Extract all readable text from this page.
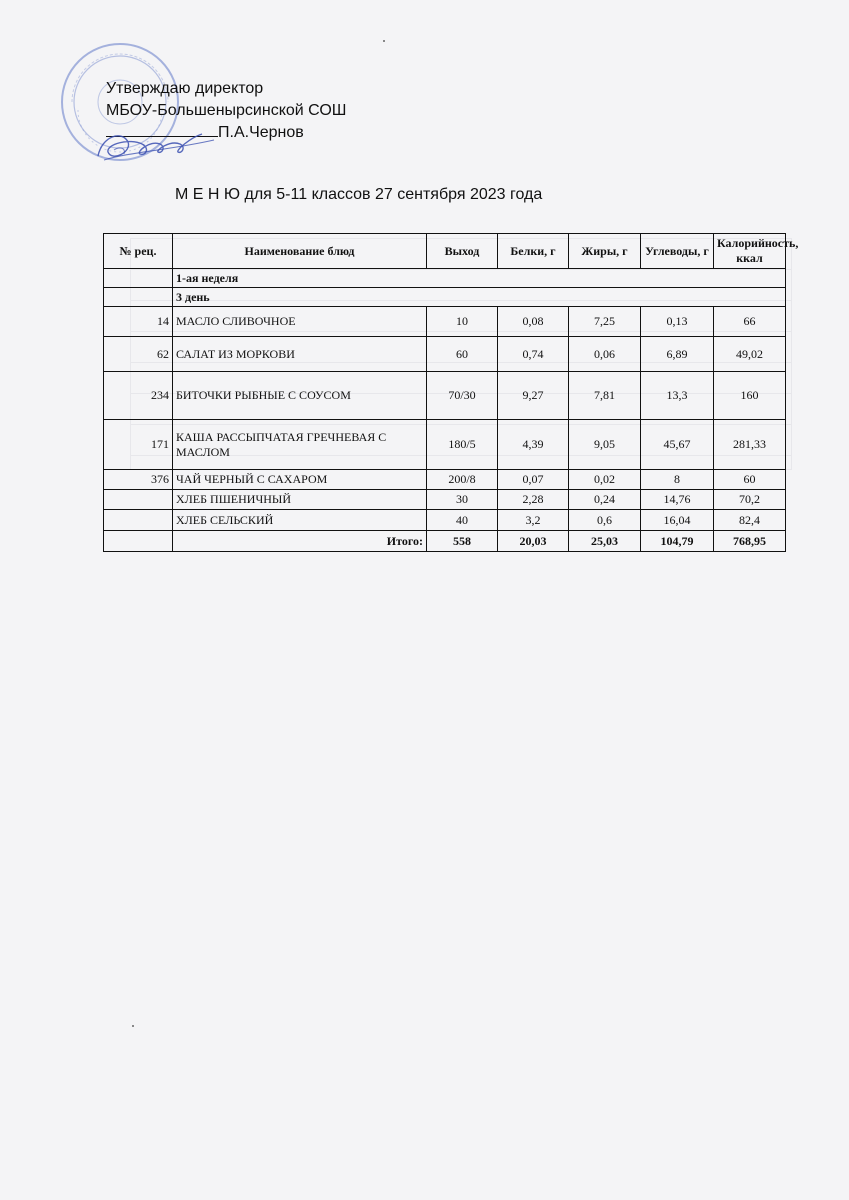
Утверждаю директор
МБОУ-Большенырсинской СОШ
П.А.Чернов
М Е Н Ю для 5-11 классов 27 сентября 2023 года
№ рец.	Наименование блюд	Выход	Белки, г	Жиры, г	Углеводы, г	Калорийность, ккал
	1-ая неделя					
	3 день					
14	МАСЛО СЛИВОЧНОЕ	10	0,08	7,25	0,13	66
62	САЛАТ ИЗ МОРКОВИ	60	0,74	0,06	6,89	49,02
234	БИТОЧКИ РЫБНЫЕ С СОУСОМ	70/30	9,27	7,81	13,3	160
171	КАША РАССЫПЧАТАЯ ГРЕЧНЕВАЯ С МАСЛОМ	180/5	4,39	9,05	45,67	281,33
376	ЧАЙ ЧЕРНЫЙ С САХАРОМ	200/8	0,07	0,02	8	60
	ХЛЕБ ПШЕНИЧНЫЙ	30	2,28	0,24	14,76	70,2
	ХЛЕБ СЕЛЬСКИЙ	40	3,2	0,6	16,04	82,4
	Итого:	558	20,03	25,03	104,79	768,95
